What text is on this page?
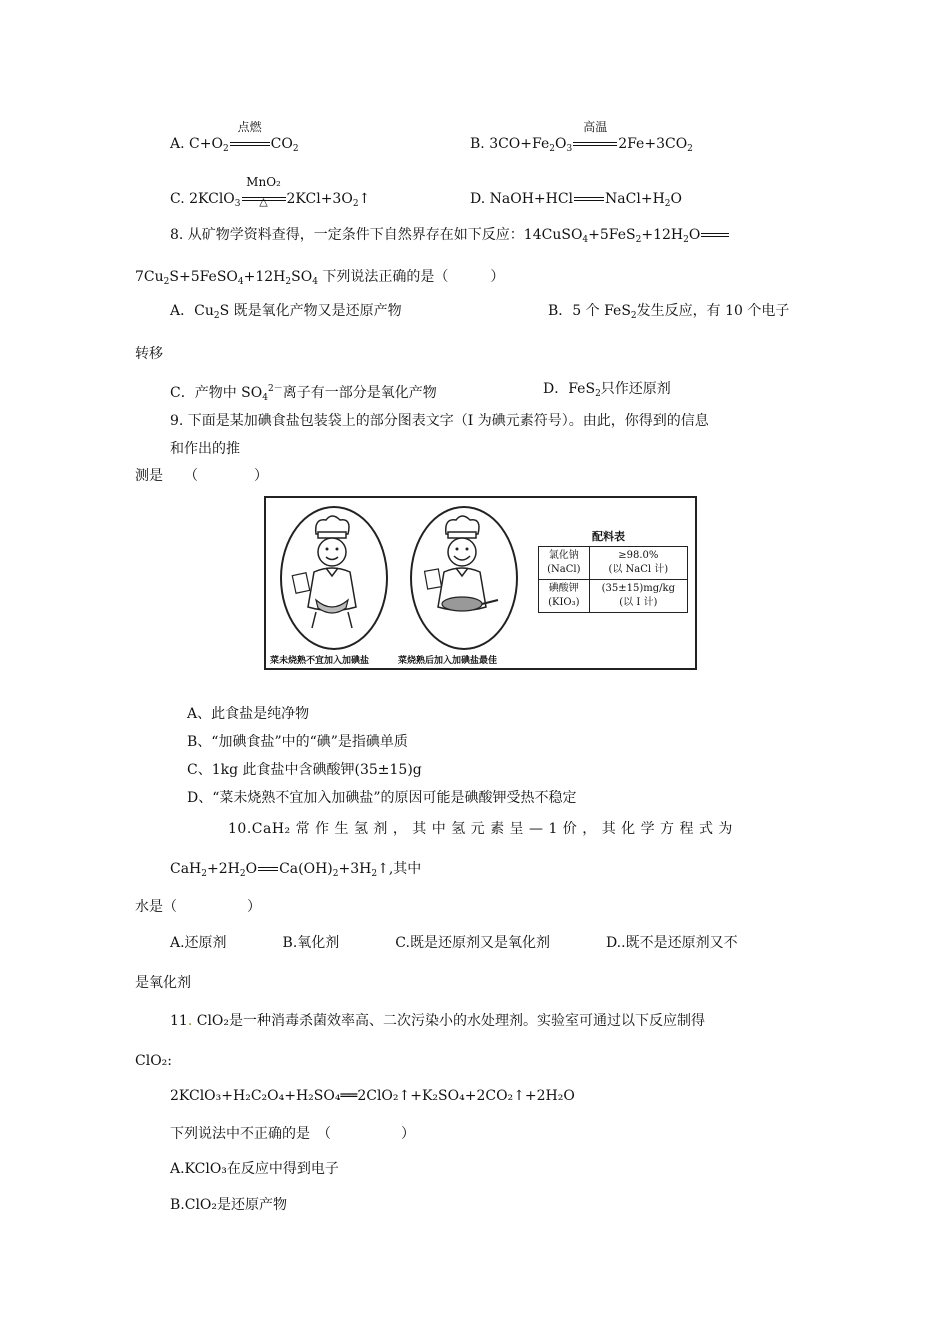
A. $C+O_2$
点燃
$CO_2$	B. $3CO+Fe_2O_3$
高温
$2Fe+3CO_2$
C. 2KClO$_3$
MnO₂
△	$2KCl+3O_2↑$	D. NaOH+HCl $NaCl+H_2O$
8. 从矿物学资料查得，一定条件下自然界存在如下反应：$14CuSO_4+5FeS_2+12H_2O$
$7Cu_2S+5FeSO_4+12H_2SO_4$ 下列说法正确的是（　　　）
A．$Cu_2S$ 既是氧化产物又是还原产物	B．5 个 FeS$_2$发生反应，有 10 个电子
转移
C．产物中 $SO_4^{2-}$离子有一部分是氧化产物	D．FeS$_2$只作还原剂
9. 下面是某加碘食盐包装袋上的部分图表文字（I 为碘元素符号）。由此，你得到的信息
和作出的推
测是　　（　　　　）
配料表
氯化钠
(NaCl)	≥98.0%
(以 NaCl 计)
碘酸钾
(KIO₃)	(35±15)mg/kg
(以 I 计)
菜未烧熟不宜加入加碘盐	菜烧熟后加入加碘盐最佳
A、此食盐是纯净物
B、“加碘食盐”中的“碘”是指碘单质
C、1kg 此食盐中含碘酸钾(35±15)g
D、“菜未烧熟不宜加入加碘盐”的原因可能是碘酸钾受热不稳定
10.CaH₂ 常 作 生 氢 剂 ， 其 中 氢 元 素 呈 — 1 价 ， 其 化 学 方 程 式 为
$CaH_2+2H_2O$ $Ca(OH)_2+3H_2↑$,其中
水是（　　　　　）
A.还原剂　　　　B.氧化剂　　　　C.既是还原剂又是氧化剂　　　　D..既不是还原剂又不
是氧化剂
11. ClO₂是一种消毒杀菌效率高、二次污染小的水处理剂。实验室可通过以下反应制得
ClO₂:
2KClO₃+H₂C₂O₄+H₂SO₄══2ClO₂↑+K₂SO₄+2CO₂↑+2H₂O
下列说法中不正确的是　（　　　　　）
A.KClO₃在反应中得到电子
B.ClO₂是还原产物
